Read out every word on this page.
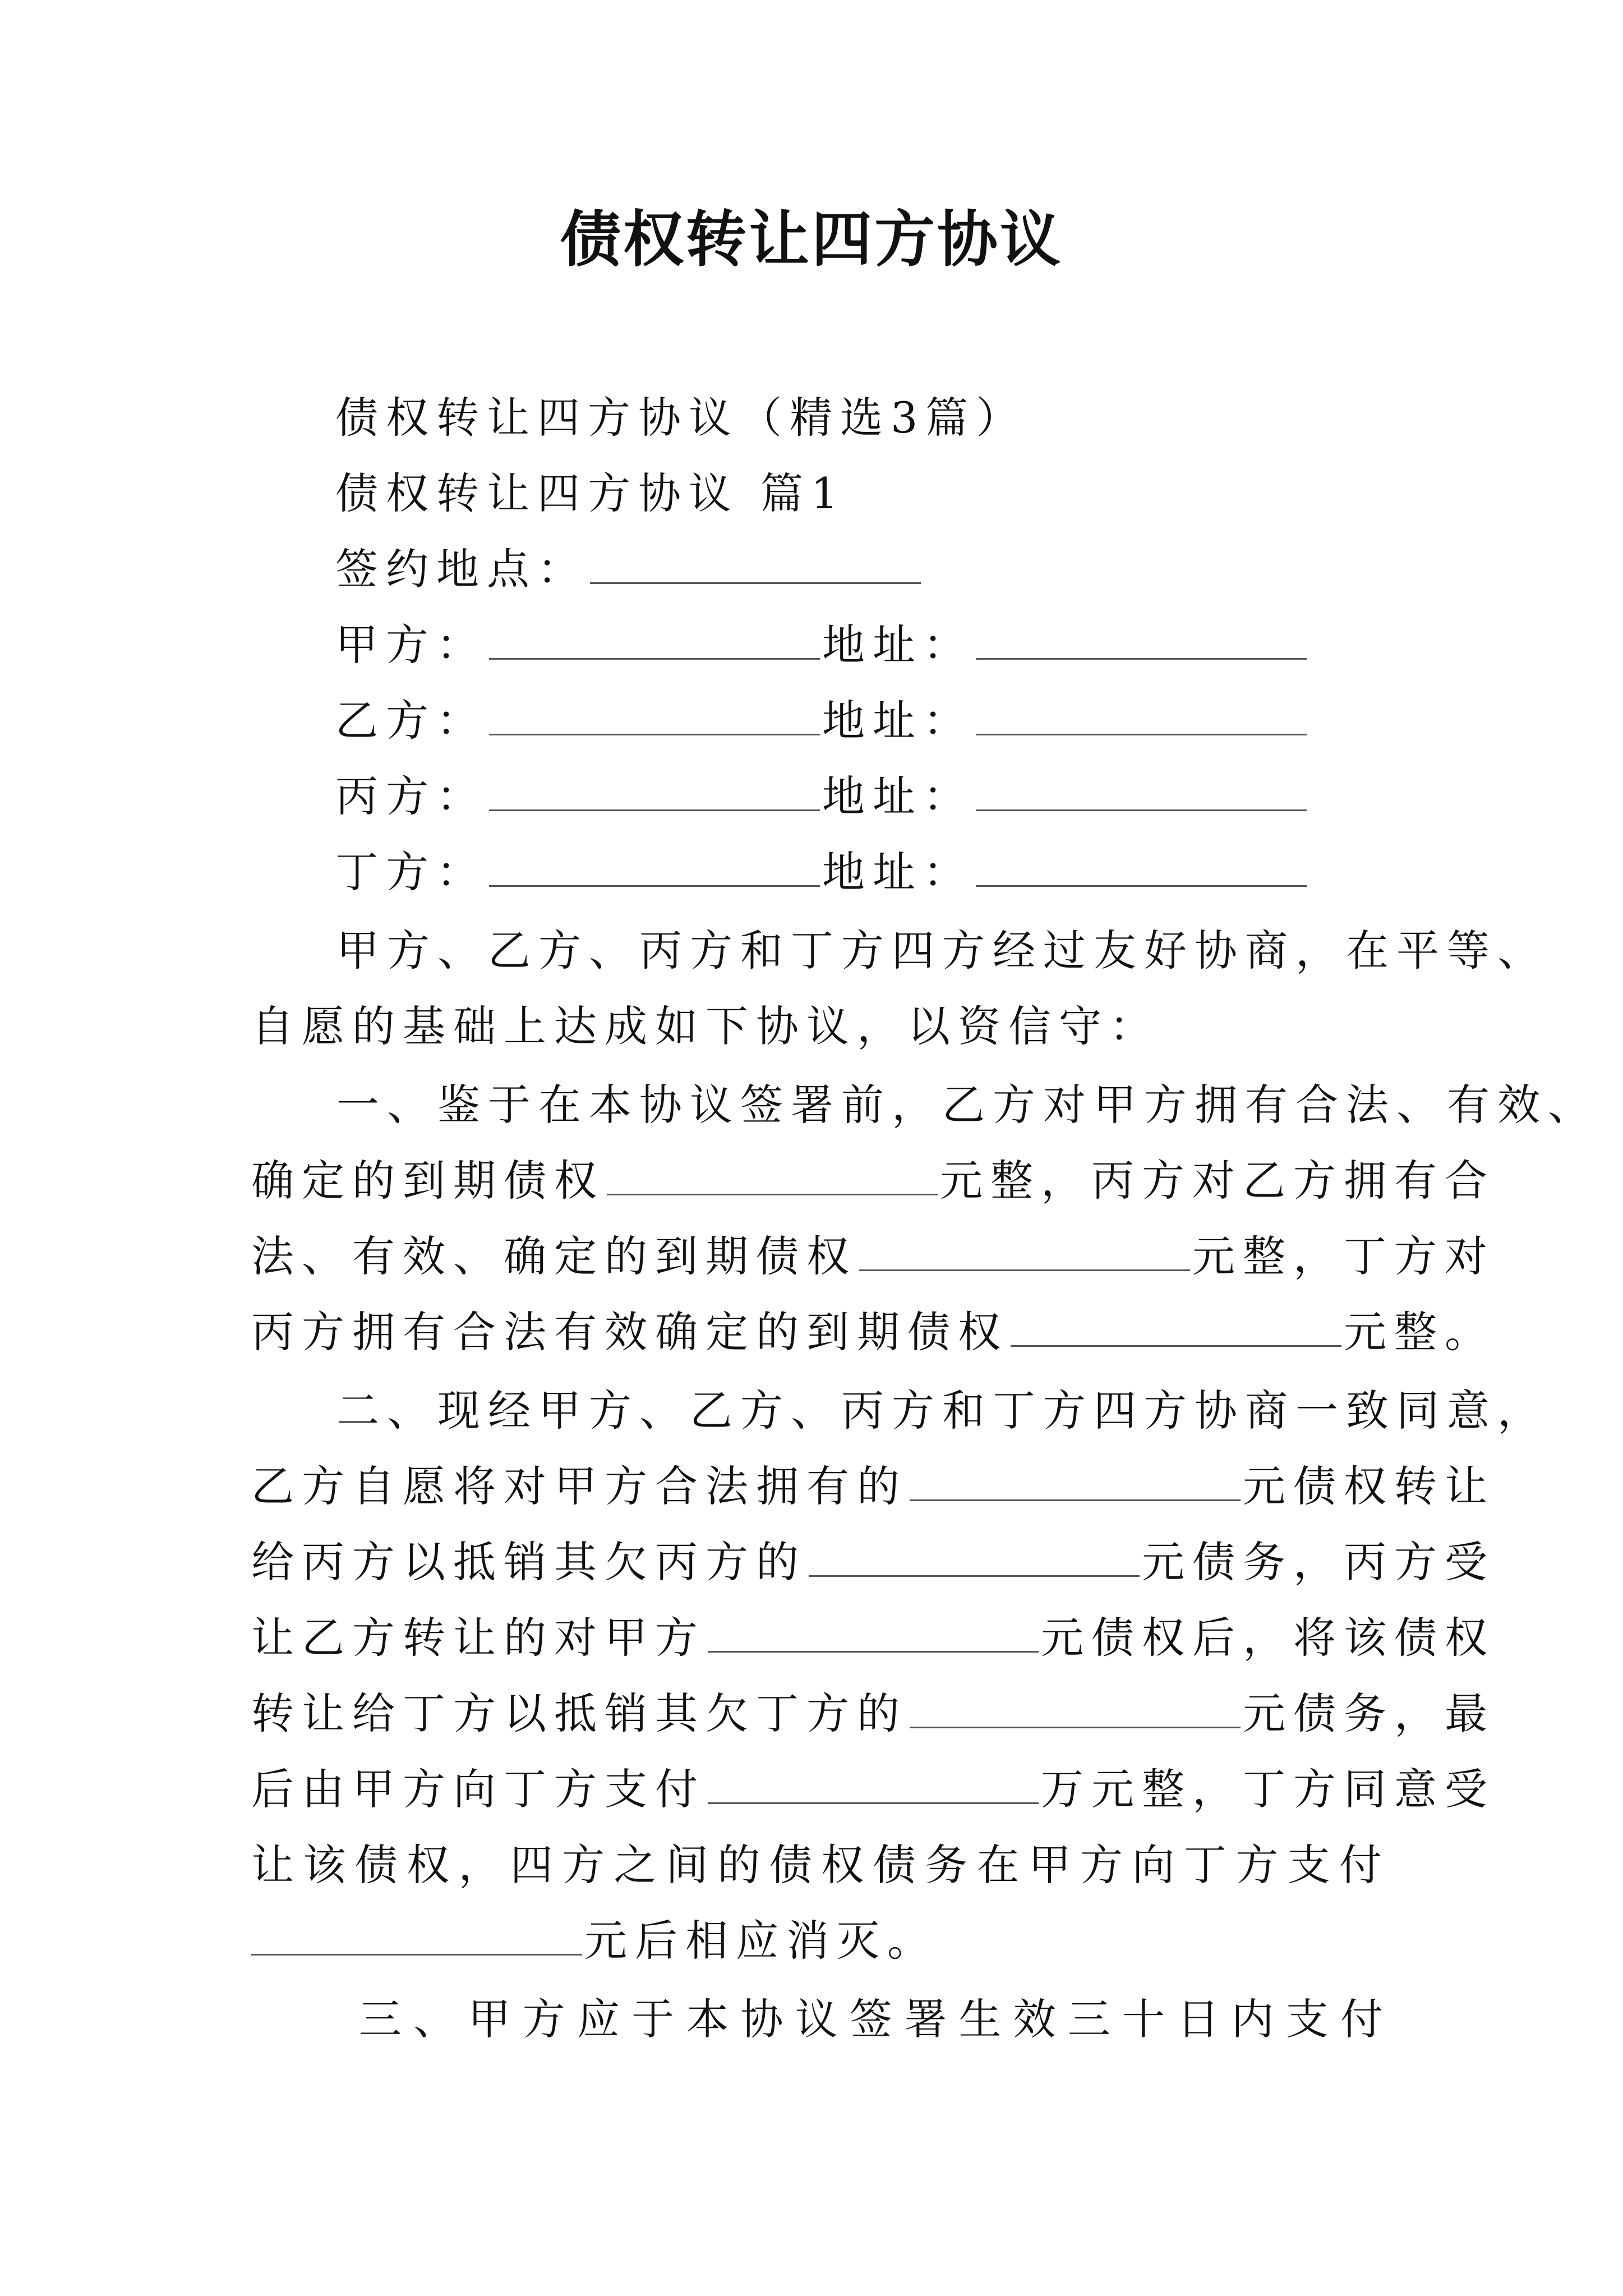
债权转让四方协议
债权转让四方协议（精选3篇）
债权转让四方协议 篇1
签约地点：
甲方：	地址：
乙方：	地址：
丙方：	地址：
丁方：	地址：
甲方、乙方、丙方和丁方四方经过友好协商，在平等、
自愿的基础上达成如下协议，以资信守：
一、鉴于在本协议签署前，乙方对甲方拥有合法、有效、
确定的到期债权	元整，丙方对乙方拥有合
法、有效、确定的到期债权	元整，丁方对
丙方拥有合法有效确定的到期债权	元整。
二、现经甲方、乙方、丙方和丁方四方协商一致同意，
乙方自愿将对甲方合法拥有的	元债权转让
给丙方以抵销其欠丙方的	元债务，丙方受
让乙方转让的对甲方	元债权后，将该债权
转让给丁方以抵销其欠丁方的	元债务，最
后由甲方向丁方支付	万元整，丁方同意受
让该债权，四方之间的债权债务在甲方向丁方支付
元后相应消灭。
三、甲方应于本协议签署生效三十日内支付
